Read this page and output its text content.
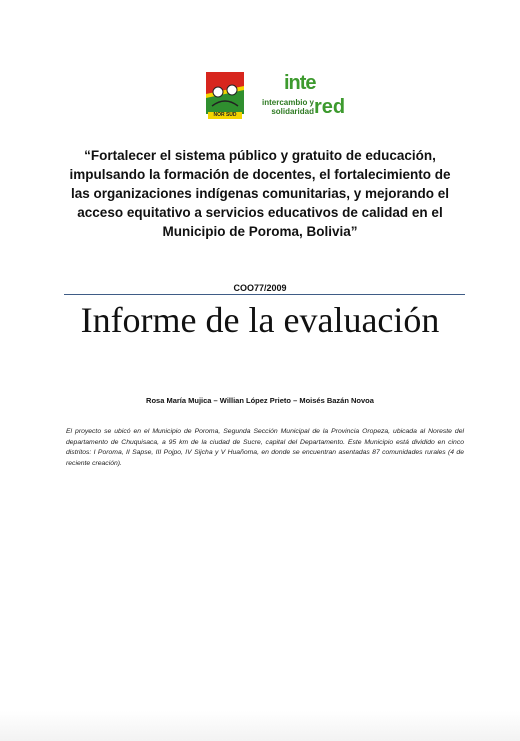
NOR SUD
inte
intercambio y solidaridad red
“Fortalecer el sistema público y gratuito de educación, impulsando la formación de docentes, el fortalecimiento de las organizaciones indígenas comunitarias, y mejorando el acceso equitativo a servicios educativos de calidad en el Municipio de Poroma, Bolivia”
COO77/2009
Informe de la evaluación
Rosa María Mujica – Willian López Prieto – Moisés Bazán Novoa
El proyecto se ubicó en el Municipio de Poroma, Segunda Sección Municipal de la Provincia Oropeza, ubicada al Noreste del departamento de Chuquisaca, a 95 km de la ciudad de Sucre, capital del Departamento. Este Municipio está dividido en cinco distritos: I Poroma, II Sapse, III Pojpo, IV Sijcha y V Huañoma, en donde se encuentran asentadas 87 comunidades rurales (4 de reciente creación).
